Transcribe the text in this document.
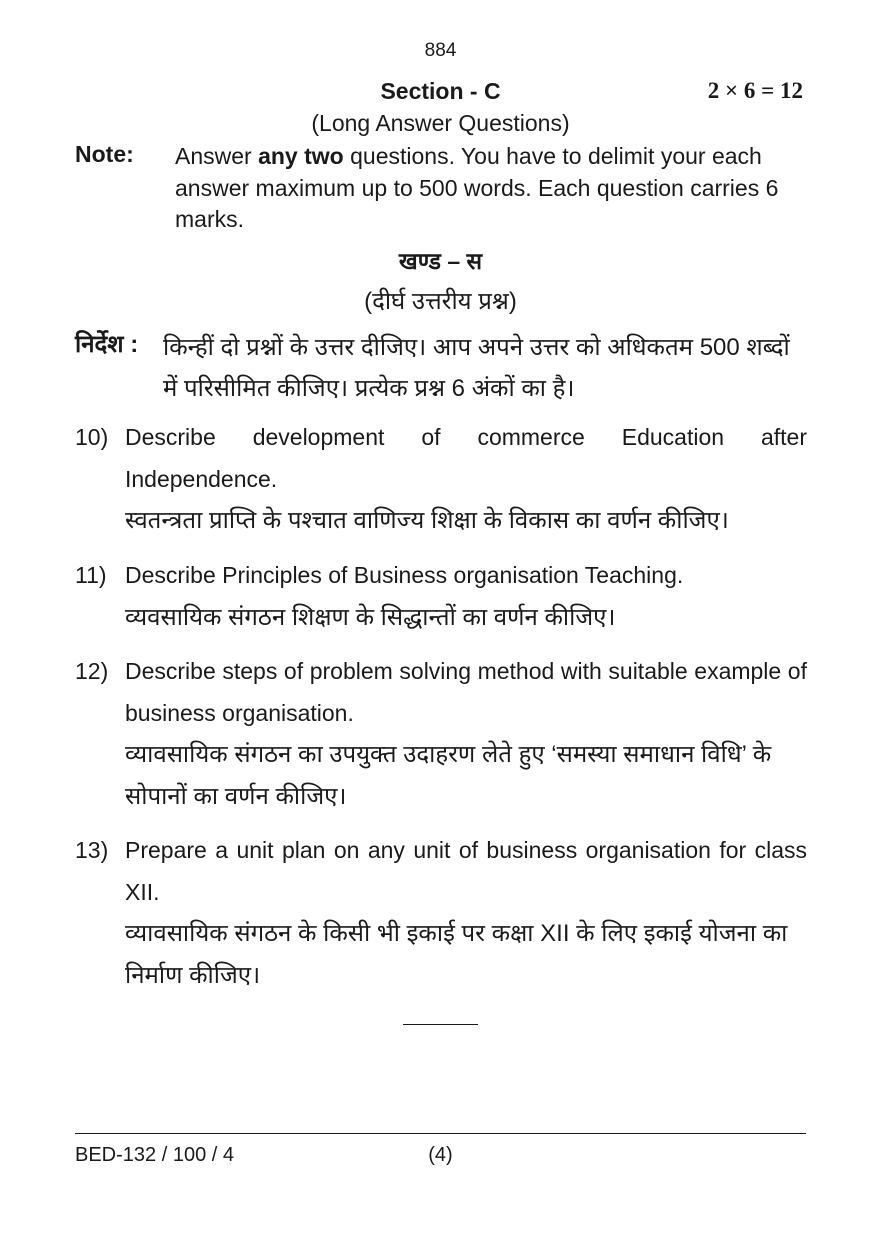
884
Section - C	2 × 6 = 12
(Long Answer Questions)
Note: Answer any two questions. You have to delimit your each answer maximum up to 500 words. Each question carries 6 marks.
खण्ड – स
(दीर्घ उत्तरीय प्रश्न)
निर्देश : किन्हीं दो प्रश्नों के उत्तर दीजिए। आप अपने उत्तर को अधिकतम 500 शब्दों में परिसीमित कीजिए। प्रत्येक प्रश्न 6 अंकों का है।
10) Describe development of commerce Education after Independence.
स्वतन्त्रता प्राप्ति के पश्चात वाणिज्य शिक्षा के विकास का वर्णन कीजिए।
11) Describe Principles of Business organisation Teaching.
व्यवसायिक संगठन शिक्षण के सिद्धान्तों का वर्णन कीजिए।
12) Describe steps of problem solving method with suitable example of business organisation.
व्यावसायिक संगठन का उपयुक्त उदाहरण लेते हुए ‘समस्या समाधान विधि’ के सोपानों का वर्णन कीजिए।
13) Prepare a unit plan on any unit of business organisation for class XII.
व्यावसायिक संगठन के किसी भी इकाई पर कक्षा XII के लिए इकाई योजना का निर्माण कीजिए।
BED-132 / 100 / 4	(4)
